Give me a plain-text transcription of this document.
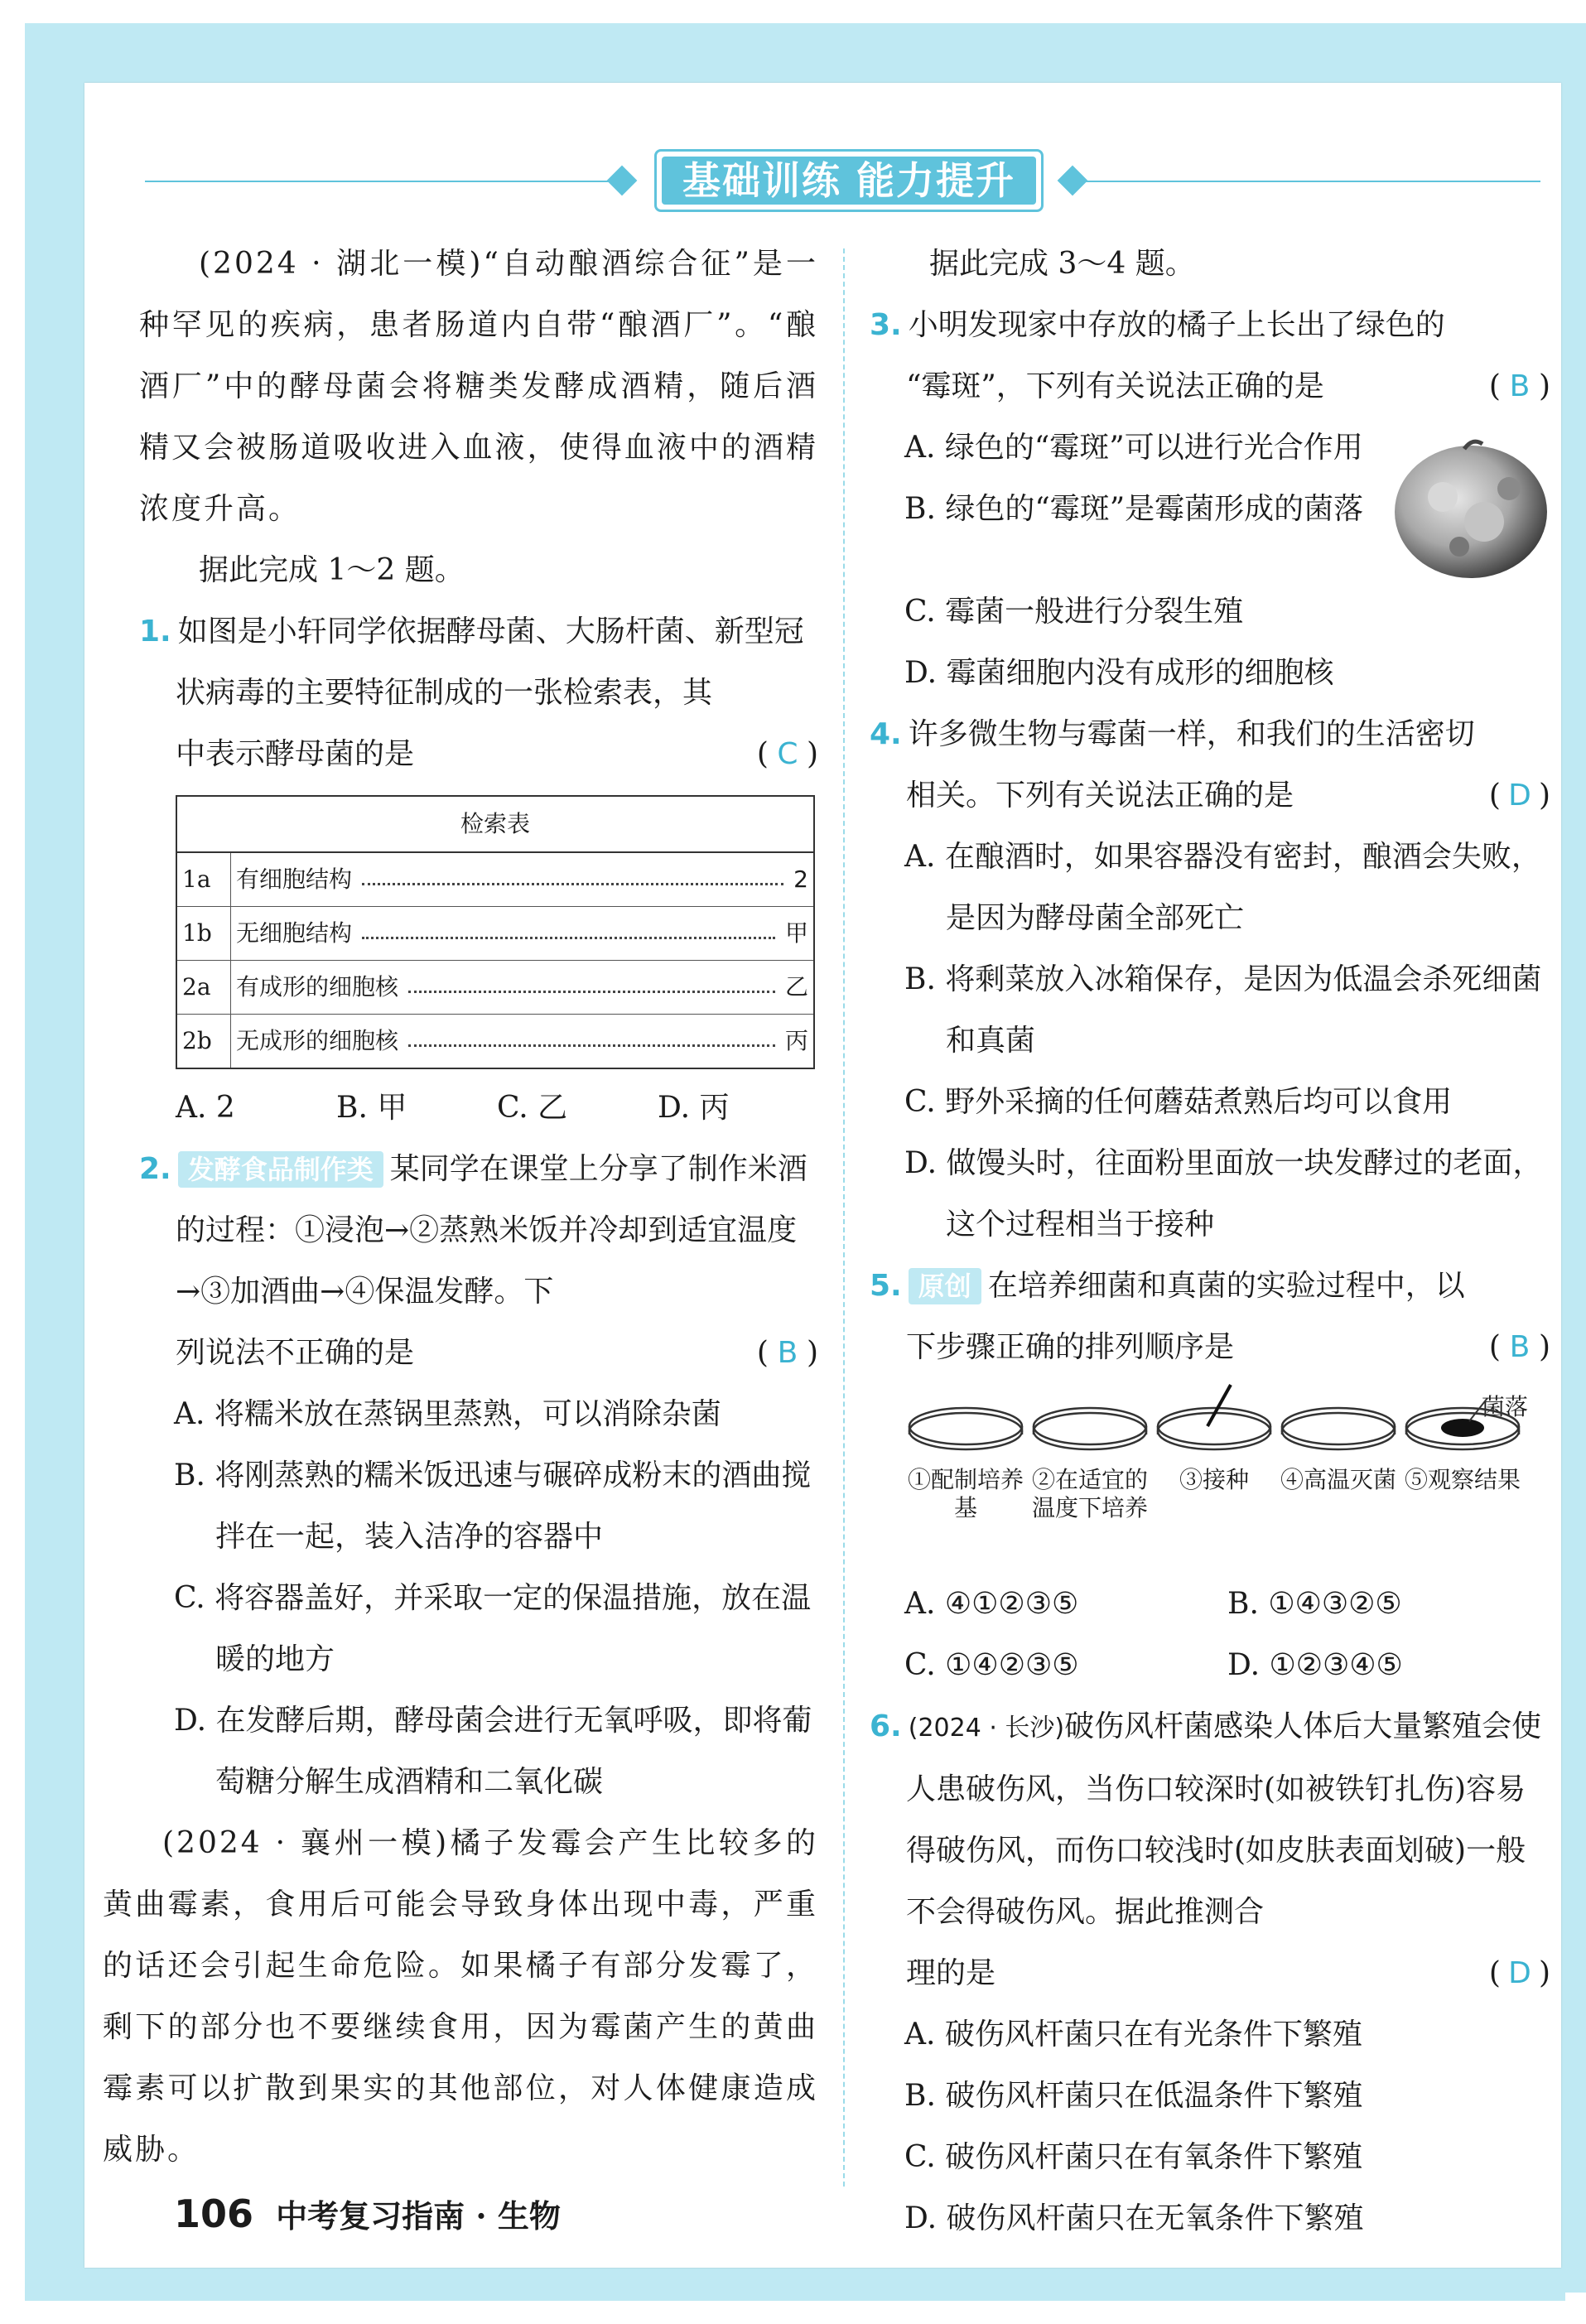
基础训练 能力提升

(2024 · 湖北一模)“自动酿酒综合征”是一种罕见的疾病，患者肠道内自带“酿酒厂”。“酿酒厂”中的酵母菌会将糖类发酵成酒精，随后酒精又会被肠道吸收进入血液，使得血液中的酒精浓度升高。

据此完成 1～2 题。

1. 如图是小轩同学依据酵母菌、大肠杆菌、新型冠状病毒的主要特征制成的一张检索表，其

中表示酵母菌的是	( C )
检索表	
1a	有细胞结构 2

1b	无细胞结构 甲

2a	有成形的细胞核 乙

2b	无成形的细胞核 丙
A. 2	B. 甲	C. 乙	D. 丙

2. 发酵食品制作类 某同学在课堂上分享了制作米酒的过程：①浸泡→②蒸熟米饭并冷却到适宜温度→③加酒曲→④保温发酵。下

列说法不正确的是	( B )

A. 将糯米放在蒸锅里蒸熟，可以消除杂菌

B. 将刚蒸熟的糯米饭迅速与碾碎成粉末的酒曲搅拌在一起，装入洁净的容器中

C. 将容器盖好，并采取一定的保温措施，放在温暖的地方

D. 在发酵后期，酵母菌会进行无氧呼吸，即将葡萄糖分解生成酒精和二氧化碳

(2024 · 襄州一模)橘子发霉会产生比较多的黄曲霉素，食用后可能会导致身体出现中毒，严重的话还会引起生命危险。如果橘子有部分发霉了，剩下的部分也不要继续食用，因为霉菌产生的黄曲霉素可以扩散到果实的其他部位，对人体健康造成威胁。

据此完成 3～4 题。

3. 小明发现家中存放的橘子上长出了绿色的

“霉斑”，下列有关说法正确的是	( B )

A. 绿色的“霉斑”可以进行光合作用

B. 绿色的“霉斑”是霉菌形成的菌落

C. 霉菌一般进行分裂生殖

D. 霉菌细胞内没有成形的细胞核

4. 许多微生物与霉菌一样，和我们的生活密切

相关。下列有关说法正确的是	( D )

A. 在酿酒时，如果容器没有密封，酿酒会失败，是因为酵母菌全部死亡

B. 将剩菜放入冰箱保存，是因为低温会杀死细菌和真菌

C. 野外采摘的任何蘑菇煮熟后均可以食用

D. 做馒头时，往面粉里面放一块发酵过的老面，这个过程相当于接种

5. 原创 在培养细菌和真菌的实验过程中，以

下步骤正确的排列顺序是	( B )
菌落
①配制培养基
②在适宜的温度下培养
③接种	④高温灭菌 ⑤观察结果
A. ④①②③⑤	B. ①④③②⑤
C. ①④②③⑤	D. ①②③④⑤

6. (2024 · 长沙)破伤风杆菌感染人体后大量繁殖会使人患破伤风，当伤口较深时(如被铁钉扎伤)容易得破伤风，而伤口较浅时(如皮肤表面划破)一般不会得破伤风。据此推测合

理的是	( D )

A. 破伤风杆菌只在有光条件下繁殖

B. 破伤风杆菌只在低温条件下繁殖

C. 破伤风杆菌只在有氧条件下繁殖

D. 破伤风杆菌只在无氧条件下繁殖

106 中考复习指南 · 生物
